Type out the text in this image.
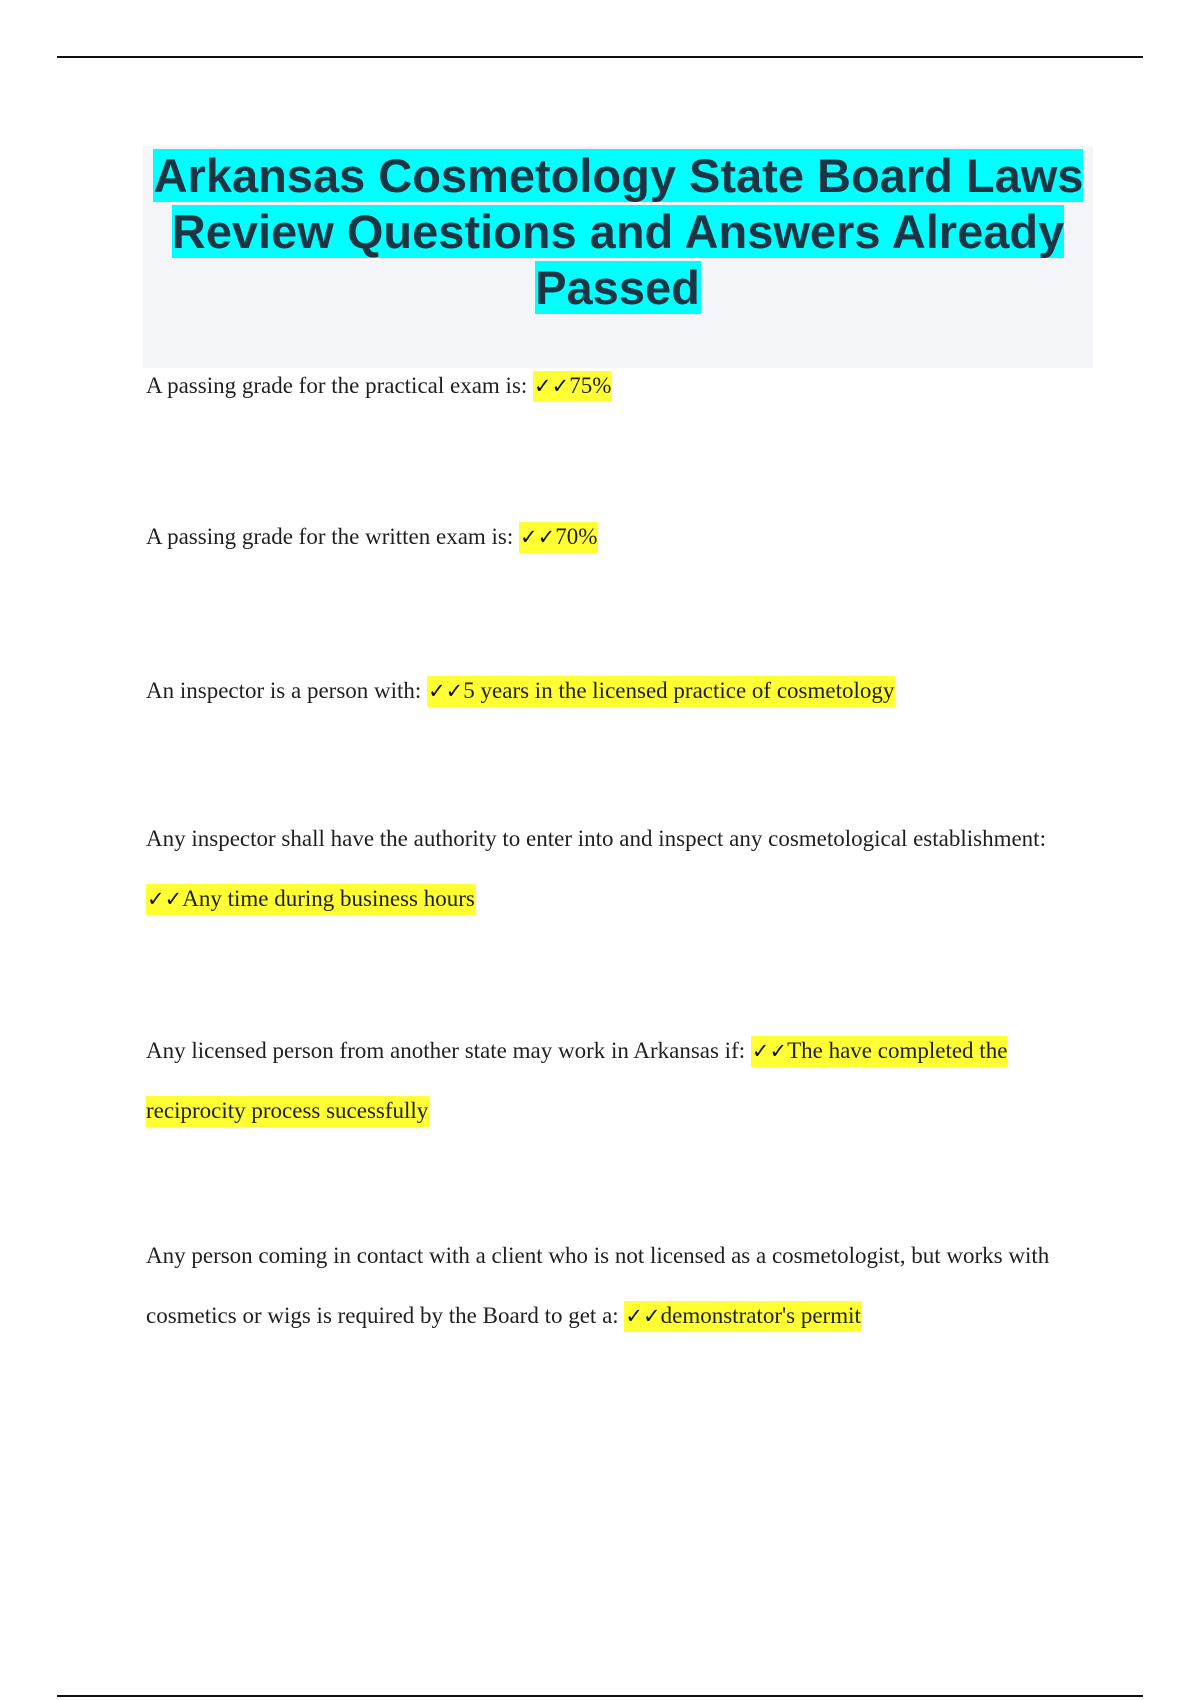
Arkansas Cosmetology State Board Laws Review Questions and Answers Already Passed

A passing grade for the practical exam is: ✓✓75%

A passing grade for the written exam is: ✓✓70%

An inspector is a person with: ✓✓5 years in the licensed practice of cosmetology

Any inspector shall have the authority to enter into and inspect any cosmetological establishment: ✓✓Any time during business hours

Any licensed person from another state may work in Arkansas if: ✓✓The have completed the reciprocity process sucessfully

Any person coming in contact with a client who is not licensed as a cosmetologist, but works with cosmetics or wigs is required by the Board to get a: ✓✓demonstrator's permit
